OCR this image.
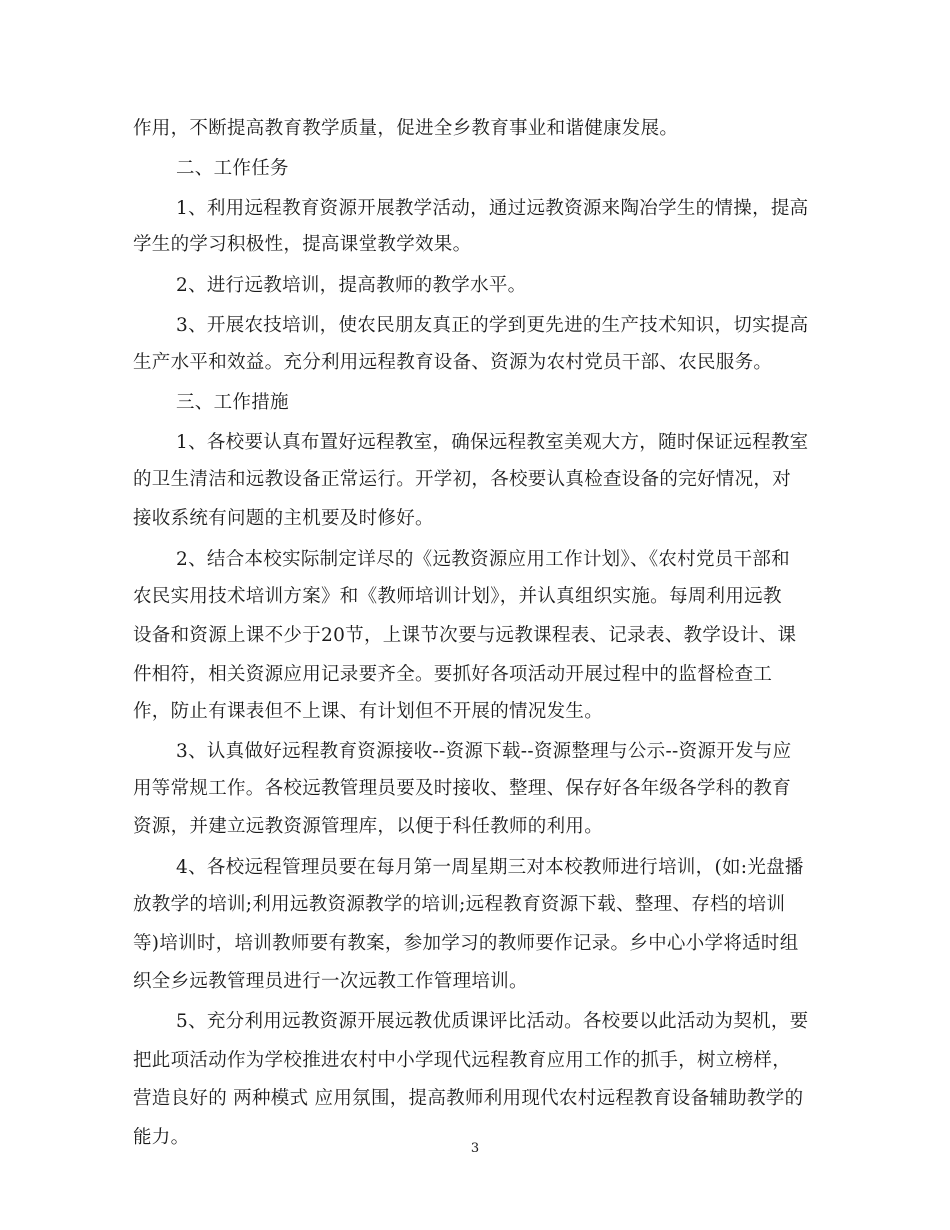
作用，不断提高教育教学质量，促进全乡教育事业和谐健康发展。
二、工作任务
1、利用远程教育资源开展教学活动，通过远教资源来陶冶学生的情操，提高
学生的学习积极性，提高课堂教学效果。
2、进行远教培训，提高教师的教学水平。
3、开展农技培训，使农民朋友真正的学到更先进的生产技术知识，切实提高
生产水平和效益。充分利用远程教育设备、资源为农村党员干部、农民服务。
三、工作措施
1、各校要认真布置好远程教室，确保远程教室美观大方，随时保证远程教室
的卫生清洁和远教设备正常运行。开学初，各校要认真检查设备的完好情况，对
接收系统有问题的主机要及时修好。
2、结合本校实际制定详尽的《远教资源应用工作计划》、《农村党员干部和
农民实用技术培训方案》和《教师培训计划》，并认真组织实施。每周利用远教
设备和资源上课不少于20节，上课节次要与远教课程表、记录表、教学设计、课
件相符，相关资源应用记录要齐全。要抓好各项活动开展过程中的监督检查工
作，防止有课表但不上课、有计划但不开展的情况发生。
3、认真做好远程教育资源接收--资源下载--资源整理与公示--资源开发与应
用等常规工作。各校远教管理员要及时接收、整理、保存好各年级各学科的教育
资源，并建立远教资源管理库，以便于科任教师的利用。
4、各校远程管理员要在每月第一周星期三对本校教师进行培训，(如:光盘播
放教学的培训;利用远教资源教学的培训;远程教育资源下载、整理、存档的培训
等)培训时，培训教师要有教案，参加学习的教师要作记录。乡中心小学将适时组
织全乡远教管理员进行一次远教工作管理培训。
5、充分利用远教资源开展远教优质课评比活动。各校要以此活动为契机，要
把此项活动作为学校推进农村中小学现代远程教育应用工作的抓手，树立榜样，
营造良好的 两种模式 应用氛围，提高教师利用现代农村远程教育设备辅助教学的
能力。
3
